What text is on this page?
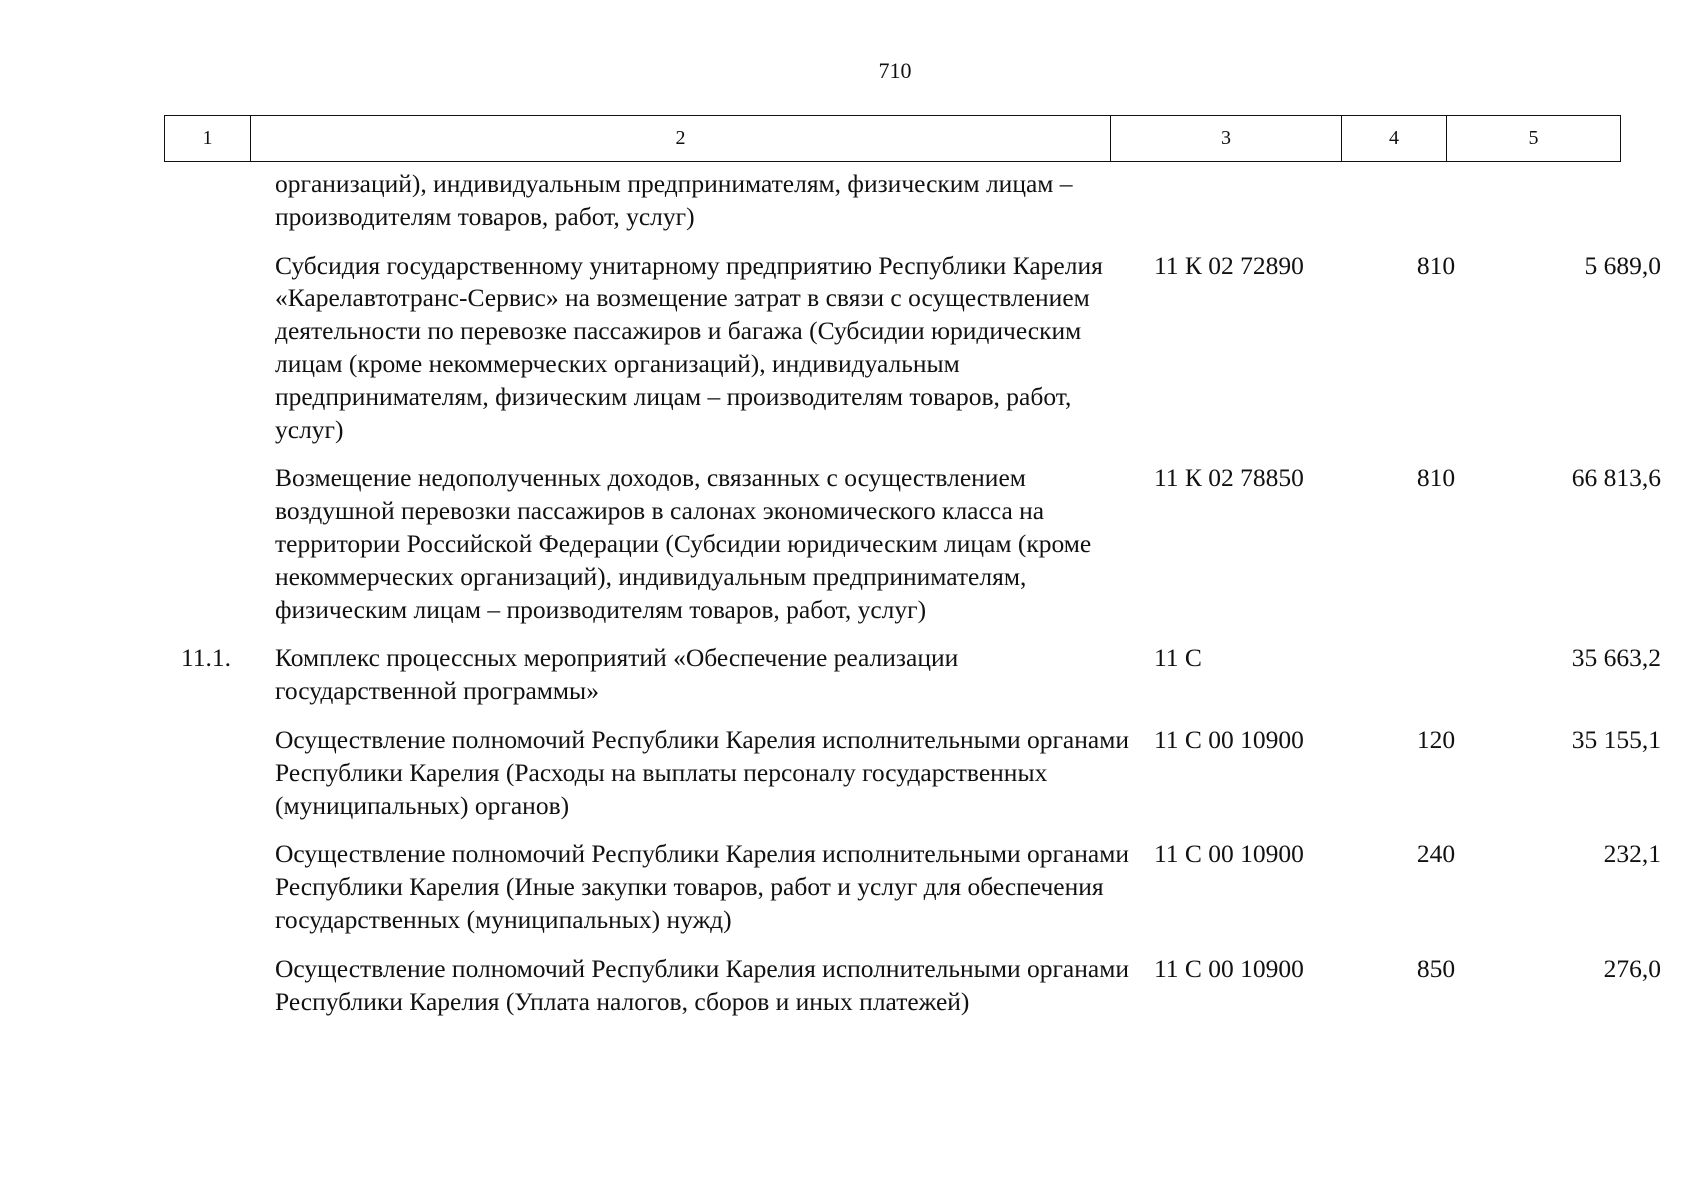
710
1	2	3	4	5
	организаций), индивидуальным предпринимателям, физическим лицам – производителям товаров, работ, услуг)			
	Субсидия государственному унитарному предприятию Республики Карелия «Карелавтотранс-Сервис» на возмещение затрат в связи с осуществлением деятельности по перевозке пассажиров и багажа (Субсидии юридическим лицам (кроме некоммерческих организаций), индивидуальным предпринимателям, физическим лицам – производителям товаров, работ, услуг)	11 К 02 72890	810	5 689,0
	Возмещение недополученных доходов, связанных с осуществлением воздушной перевозки пассажиров в салонах экономического класса на территории Российской Федерации (Субсидии юридическим лицам (кроме некоммерческих организаций), индивидуальным предпринимателям, физическим лицам – производителям товаров, работ, услуг)	11 К 02 78850	810	66 813,6
11.1.	Комплекс процессных мероприятий «Обеспечение реализации государственной программы»	11 С		35 663,2
	Осуществление полномочий Республики Карелия исполнительными органами Республики Карелия (Расходы на выплаты персоналу государственных (муниципальных) органов)	11 С 00 10900	120	35 155,1
	Осуществление полномочий Республики Карелия исполнительными органами Республики Карелия (Иные закупки товаров, работ и услуг для обеспечения государственных (муниципальных) нужд)	11 С 00 10900	240	232,1
	Осуществление полномочий Республики Карелия исполнительными органами Республики Карелия (Уплата налогов, сборов и иных платежей)	11 С 00 10900	850	276,0
